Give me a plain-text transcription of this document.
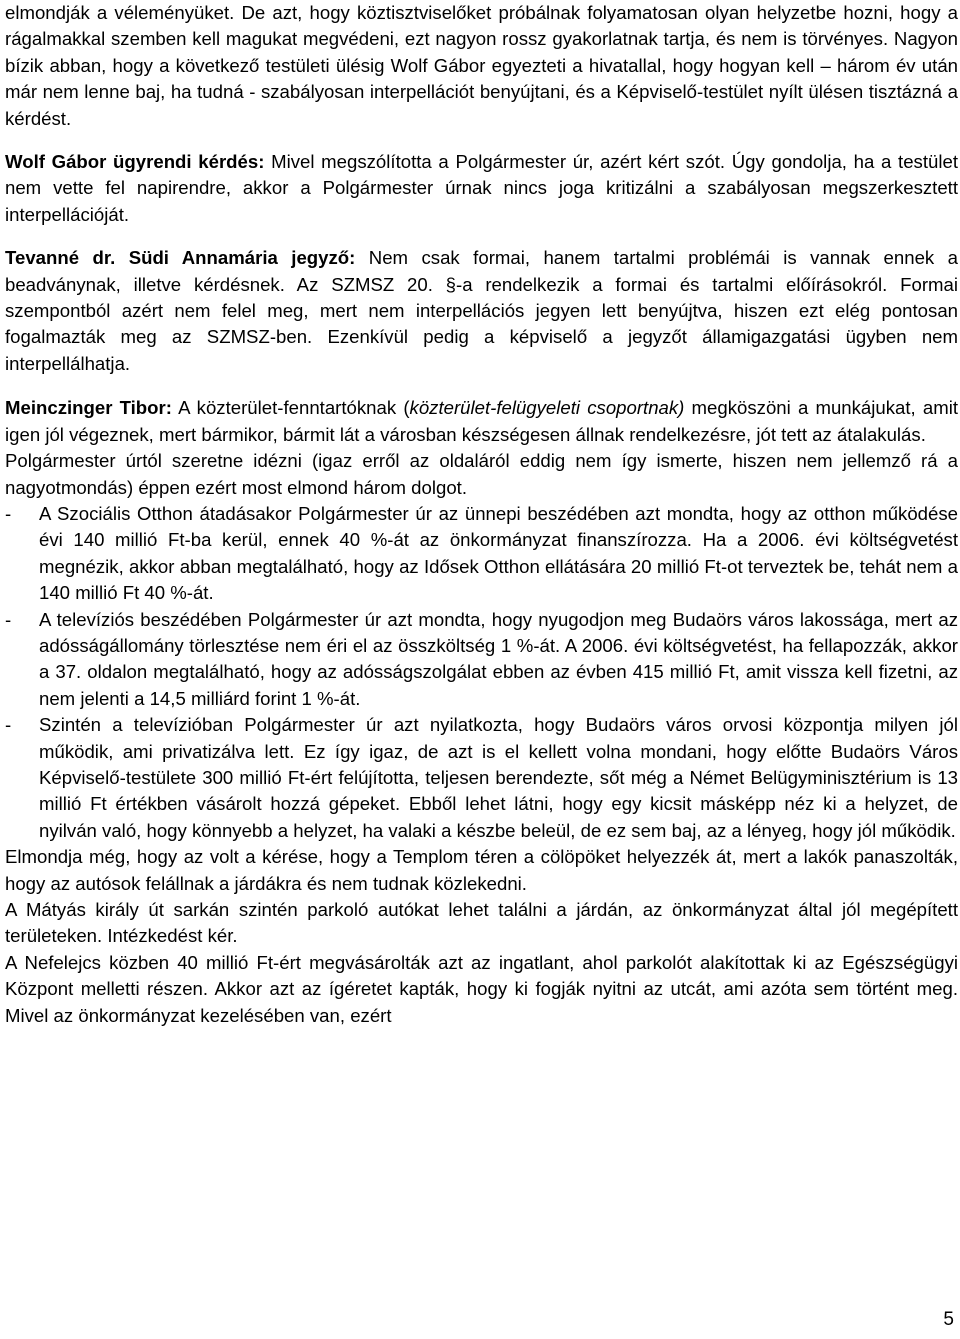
elmondják a véleményüket. De azt, hogy köztisztviselőket próbálnak folyamatosan olyan helyzetbe hozni, hogy a rágalmakkal szemben kell magukat megvédeni, ezt nagyon rossz gyakorlatnak tartja, és nem is törvényes. Nagyon bízik abban, hogy a következő testületi ülésig Wolf Gábor egyezteti a hivatallal, hogy hogyan kell – három év után már nem lenne baj, ha tudná - szabályosan interpellációt benyújtani, és a Képviselő-testület nyílt ülésen tisztázná a kérdést.

Wolf Gábor ügyrendi kérdés: Mivel megszólította a Polgármester úr, azért kért szót. Úgy gondolja, ha a testület nem vette fel napirendre, akkor a Polgármester úrnak nincs joga kritizálni a szabályosan megszerkesztett interpellációját.

Tevanné dr. Südi Annamária jegyző: Nem csak formai, hanem tartalmi problémái is vannak ennek a beadványnak, illetve kérdésnek. Az SZMSZ 20. §-a rendelkezik a formai és tartalmi előírásokról. Formai szempontból azért nem felel meg, mert nem interpellációs jegyen lett benyújtva, hiszen ezt elég pontosan fogalmazták meg az SZMSZ-ben. Ezenkívül pedig a képviselő a jegyzőt államigazgatási ügyben nem interpellálhatja.

Meinczinger Tibor: A közterület-fenntartóknak (közterület-felügyeleti csoportnak) megköszöni a munkájukat, amit igen jól végeznek, mert bármikor, bármit lát a városban készségesen állnak rendelkezésre, jót tett az átalakulás.

Polgármester úrtól szeretne idézni (igaz erről az oldaláról eddig nem így ismerte, hiszen nem jellemző rá a nagyotmondás) éppen ezért most elmond három dolgot.

- A Szociális Otthon átadásakor Polgármester úr az ünnepi beszédében azt mondta, hogy az otthon működése évi 140 millió Ft-ba kerül, ennek 40 %-át az önkormányzat finanszírozza. Ha a 2006. évi költségvetést megnézik, akkor abban megtalálható, hogy az Idősek Otthon ellátására 20 millió Ft-ot terveztek be, tehát nem a 140 millió Ft 40 %-át.

- A televíziós beszédében Polgármester úr azt mondta, hogy nyugodjon meg Budaörs város lakossága, mert az adósságállomány törlesztése nem éri el az összköltség 1 %-át. A 2006. évi költségvetést, ha fellapozzák, akkor a 37. oldalon megtalálható, hogy az adósságszolgálat ebben az évben 415 millió Ft, amit vissza kell fizetni, az nem jelenti a 14,5 milliárd forint 1 %-át.

- Szintén a televízióban Polgármester úr azt nyilatkozta, hogy Budaörs város orvosi központja milyen jól működik, ami privatizálva lett. Ez így igaz, de azt is el kellett volna mondani, hogy előtte Budaörs Város Képviselő-testülete 300 millió Ft-ért felújította, teljesen berendezte, sőt még a Német Belügyminisztérium is 13 millió Ft értékben vásárolt hozzá gépeket. Ebből lehet látni, hogy egy kicsit másképp néz ki a helyzet, de nyilván való, hogy könnyebb a helyzet, ha valaki a készbe beleül, de ez sem baj, az a lényeg, hogy jól működik.

Elmondja még, hogy az volt a kérése, hogy a Templom téren a cölöpöket helyezzék át, mert a lakók panaszolták, hogy az autósok felállnak a járdákra és nem tudnak közlekedni.

A Mátyás király út sarkán szintén parkoló autókat lehet találni a járdán, az önkormányzat által jól megépített területeken. Intézkedést kér.

A Nefelejcs közben 40 millió Ft-ért megvásárolták azt az ingatlant, ahol parkolót alakítottak ki az Egészségügyi Központ melletti részen. Akkor azt az ígéretet kapták, hogy ki fogják nyitni az utcát, ami azóta sem történt meg. Mivel az önkormányzat kezelésében van, ezért

5
